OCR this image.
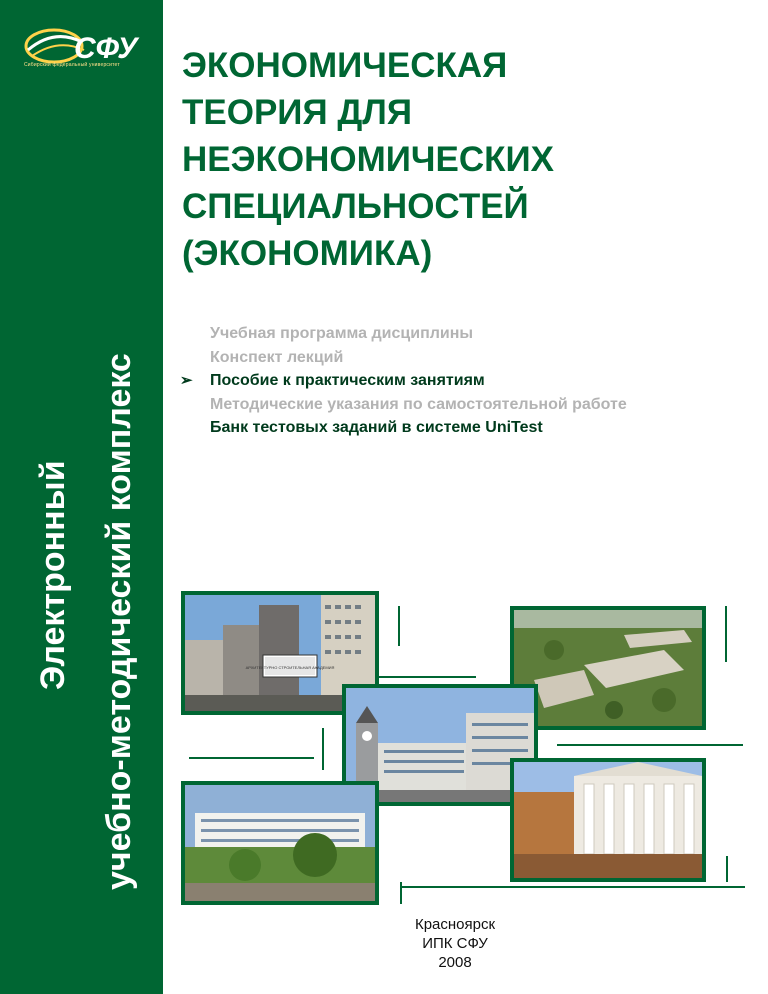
СФУ
Сибирский федеральный университет
Электронный учебно-методический комплекс
ЭКОНОМИЧЕСКАЯ
ТЕОРИЯ ДЛЯ
НЕЭКОНОМИЧЕСКИХ
СПЕЦИАЛЬНОСТЕЙ
(ЭКОНОМИКА)
Учебная программа дисциплины
Конспект лекций
➢ Пособие к практическим занятиям
Методические указания по самостоятельной работе
Банк тестовых заданий в системе UniTest
АРХИТЕКТУРНО СТРОИТЕЛЬНАЯ АКАДЕМИЯ
Красноярск
ИПК СФУ
2008
